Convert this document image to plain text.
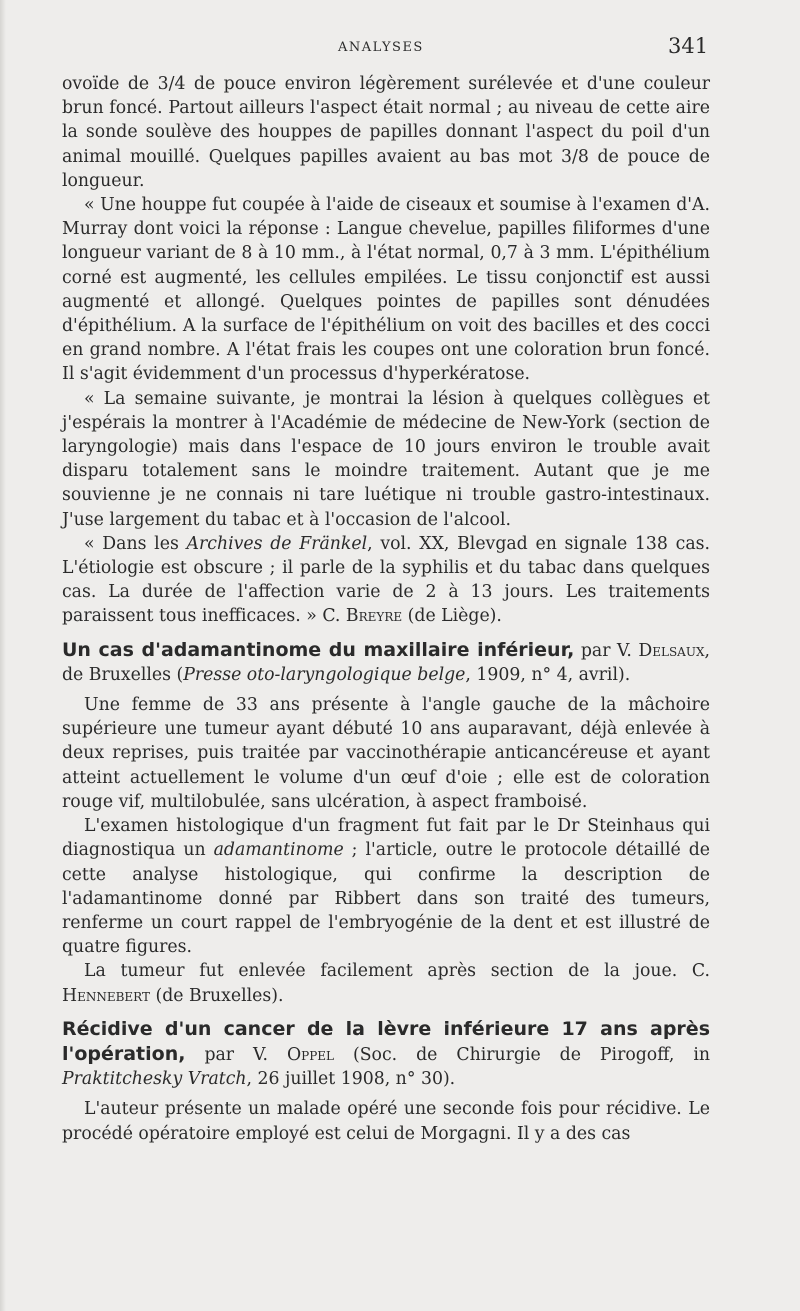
ANALYSES	341

ovoïde de 3/4 de pouce environ légèrement surélevée et d'une couleur brun foncé. Partout ailleurs l'aspect était normal ; au niveau de cette aire la sonde soulève des houppes de papilles donnant l'aspect du poil d'un animal mouillé. Quelques papilles avaient au bas mot 3/8 de pouce de longueur.

« Une houppe fut coupée à l'aide de ciseaux et soumise à l'examen d'A. Murray dont voici la réponse : Langue chevelue, papilles filiformes d'une longueur variant de 8 à 10 mm., à l'état normal, 0,7 à 3 mm. L'épithélium corné est augmenté, les cellules empilées. Le tissu conjonctif est aussi augmenté et allongé. Quelques pointes de papilles sont dénudées d'épithélium. A la surface de l'épithélium on voit des bacilles et des cocci en grand nombre. A l'état frais les coupes ont une coloration brun foncé. Il s'agit évidemment d'un processus d'hyperkératose.

« La semaine suivante, je montrai la lésion à quelques collègues et j'espérais la montrer à l'Académie de médecine de New-York (section de laryngologie) mais dans l'espace de 10 jours environ le trouble avait disparu totalement sans le moindre traitement. Autant que je me souvienne je ne connais ni tare luétique ni trouble gastro-intestinaux. J'use largement du tabac et à l'occasion de l'alcool.

« Dans les Archives de Fränkel, vol. XX, Blevgad en signale 138 cas. L'étiologie est obscure ; il parle de la syphilis et du tabac dans quelques cas. La durée de l'affection varie de 2 à 13 jours. Les traitements paraissent tous inefficaces. » C. Breyre (de Liège).

Un cas d'adamantinome du maxillaire inférieur, par V. Delsaux, de Bruxelles (Presse oto-laryngologique belge, 1909, n° 4, avril).

Une femme de 33 ans présente à l'angle gauche de la mâchoire supérieure une tumeur ayant débuté 10 ans auparavant, déjà enlevée à deux reprises, puis traitée par vaccinothérapie anticancéreuse et ayant atteint actuellement le volume d'un œuf d'oie ; elle est de coloration rouge vif, multilobulée, sans ulcération, à aspect framboisé.

L'examen histologique d'un fragment fut fait par le Dr Steinhaus qui diagnostiqua un adamantinome ; l'article, outre le protocole détaillé de cette analyse histologique, qui confirme la description de l'adamantinome donné par Ribbert dans son traité des tumeurs, renferme un court rappel de l'embryogénie de la dent et est illustré de quatre figures.

La tumeur fut enlevée facilement après section de la joue. C. Hennebert (de Bruxelles).

Récidive d'un cancer de la lèvre inférieure 17 ans après l'opération, par V. Oppel (Soc. de Chirurgie de Pirogoff, in Praktitchesky Vratch, 26 juillet 1908, n° 30).

L'auteur présente un malade opéré une seconde fois pour récidive. Le procédé opératoire employé est celui de Morgagni. Il y a des cas
